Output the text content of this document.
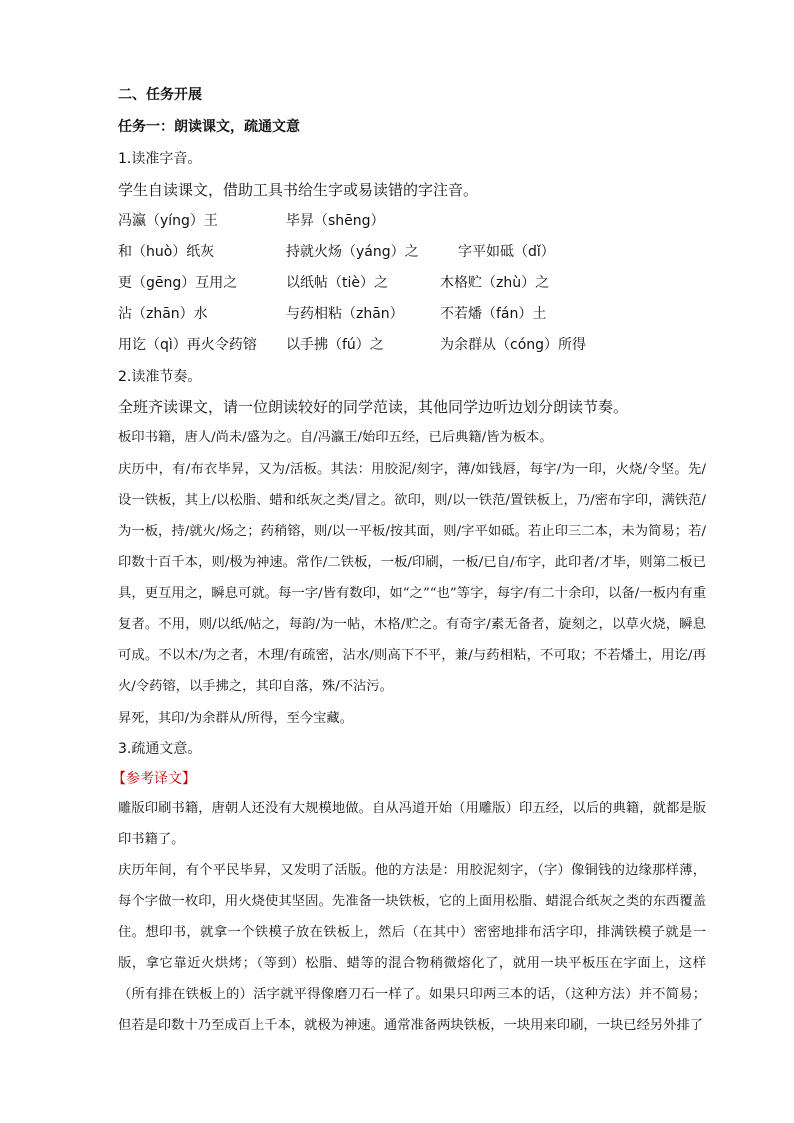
二、任务开展
任务一：朗读课文，疏通文意
1.读准字音。
学生自读课文，借助工具书给生字或易读错的字注音。
冯瀛（yíng）王	毕昇（shēng）
和（huò）纸灰	持就火炀（yáng）之	字平如砥（dǐ）
更（gēng）互用之	以纸帖（tiè）之	木格贮（zhù）之
沾（zhān）水	与药相粘（zhān）	不若燔（fán）土
用讫（qì）再火令药镕 以手拂（fú）之	为余群从（cóng）所得
2.读准节奏。
全班齐读课文，请一位朗读较好的同学范读，其他同学边听边划分朗读节奏。
板印书籍，唐人/尚未/盛为之。自/冯瀛王/始印五经，已后典籍/皆为板本。
庆历中，有/布衣毕昇，又为/活板。其法：用胶泥/刻字，薄/如钱唇，每字/为一印，火烧/令坚。先/设一铁板，其上/以松脂、蜡和纸灰之类/冒之。欲印，则/以一铁范/置铁板上，乃/密布字印，满铁范/为一板，持/就火/炀之；药稍镕，则/以一平板/按其面，则/字平如砥。若止印三二本，未为简易；若/印数十百千本，则/极为神速。常作/二铁板，一板/印刷，一板/已自/布字，此印者/才毕，则第二板已具，更互用之，瞬息可就。每一字/皆有数印，如“之”“也”等字，每字/有二十余印，以备/一板内有重复者。不用，则/以纸/帖之，每韵/为一帖，木格/贮之。有奇字/素无备者，旋刻之，以草火烧，瞬息可成。不以木/为之者，木理/有疏密，沾水/则高下不平，兼/与药相粘，不可取；不若燔土，用讫/再火/令药镕，以手拂之，其印自落，殊/不沾污。
昇死，其印/为余群从/所得，至今宝藏。
3.疏通文意。
【参考译文】
雕版印刷书籍，唐朝人还没有大规模地做。自从冯道开始（用雕版）印五经，以后的典籍，就都是版印书籍了。
庆历年间，有个平民毕昇，又发明了活版。他的方法是：用胶泥刻字，（字）像铜钱的边缘那样薄，每个字做一枚印，用火烧使其坚固。先准备一块铁板，它的上面用松脂、蜡混合纸灰之类的东西覆盖住。想印书，就拿一个铁模子放在铁板上，然后（在其中）密密地排布活字印，排满铁模子就是一版，拿它靠近火烘烤；（等到）松脂、蜡等的混合物稍微熔化了，就用一块平板压在字面上，这样（所有排在铁板上的）活字就平得像磨刀石一样了。如果只印两三本的话，（这种方法）并不简易；但若是印数十乃至成百上千本，就极为神速。通常准备两块铁板，一块用来印刷，一块已经另外排了
